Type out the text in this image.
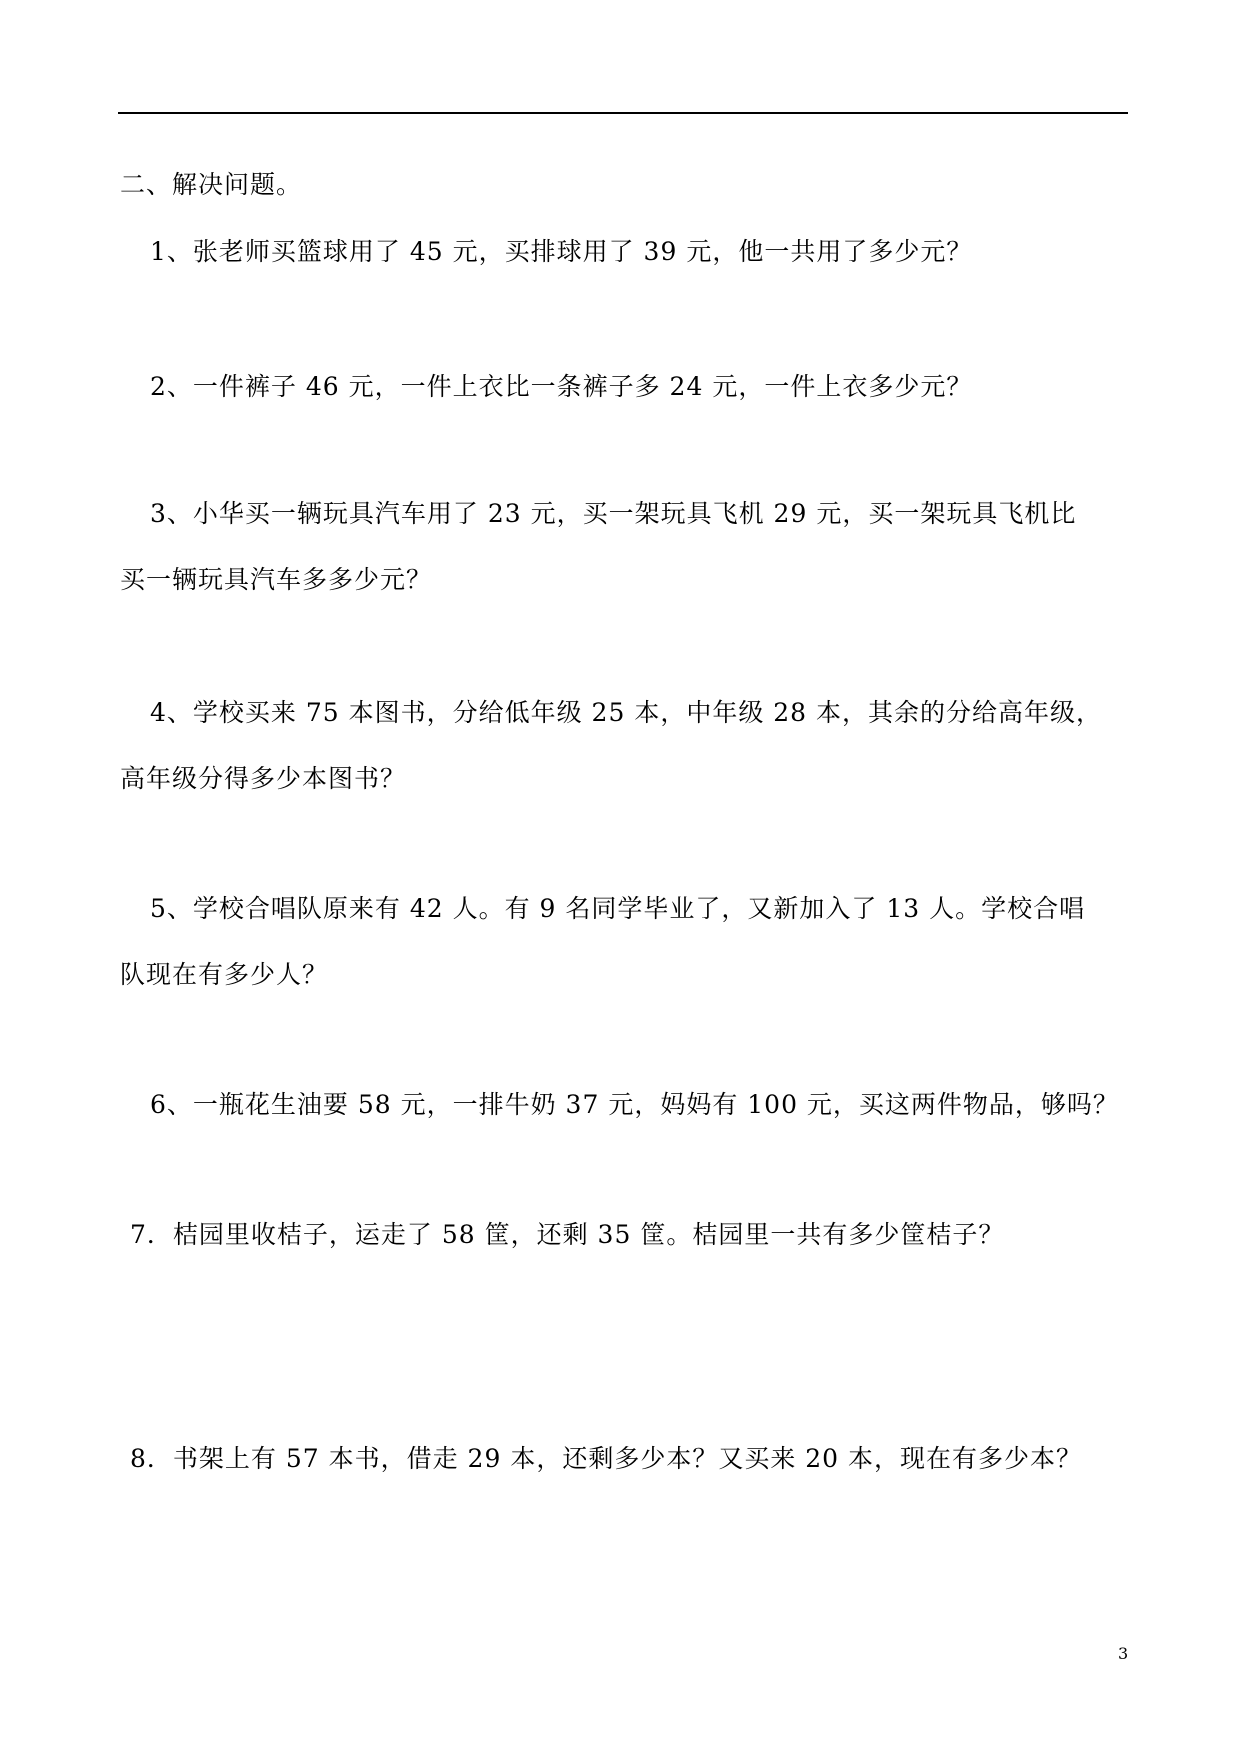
二、解决问题。
1、张老师买篮球用了 45 元，买排球用了 39 元，他一共用了多少元？
2、一件裤子 46 元，一件上衣比一条裤子多 24 元，一件上衣多少元？
3、小华买一辆玩具汽车用了 23 元，买一架玩具飞机 29 元，买一架玩具飞机比
买一辆玩具汽车多多少元？
4、学校买来 75 本图书，分给低年级 25 本，中年级 28 本，其余的分给高年级，
高年级分得多少本图书？
5、学校合唱队原来有 42 人。有 9 名同学毕业了，又新加入了 13 人。学校合唱
队现在有多少人？
6、一瓶花生油要 58 元，一排牛奶 37 元，妈妈有 100 元，买这两件物品，够吗？
7．桔园里收桔子，运走了 58 筐，还剩 35 筐。桔园里一共有多少筐桔子？
8．书架上有 57 本书，借走 29 本，还剩多少本？又买来 20 本，现在有多少本？
3
